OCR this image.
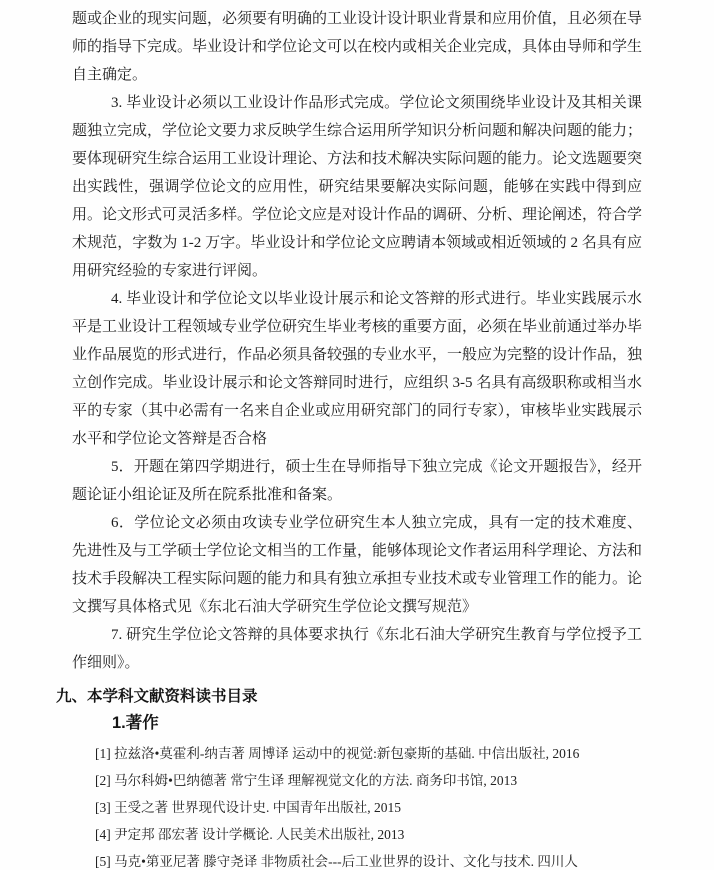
题或企业的现实问题，必须要有明确的工业设计设计职业背景和应用价值，且必须在导师的指导下完成。毕业设计和学位论文可以在校内或相关企业完成，具体由导师和学生自主确定。

3. 毕业设计必须以工业设计作品形式完成。学位论文须围绕毕业设计及其相关课题独立完成，学位论文要力求反映学生综合运用所学知识分析问题和解决问题的能力；要体现研究生综合运用工业设计理论、方法和技术解决实际问题的能力。论文选题要突出实践性，强调学位论文的应用性，研究结果要解决实际问题，能够在实践中得到应用。论文形式可灵活多样。学位论文应是对设计作品的调研、分析、理论阐述，符合学术规范，字数为 1-2 万字。毕业设计和学位论文应聘请本领域或相近领域的 2 名具有应用研究经验的专家进行评阅。

4. 毕业设计和学位论文以毕业设计展示和论文答辩的形式进行。毕业实践展示水平是工业设计工程领域专业学位研究生毕业考核的重要方面，必须在毕业前通过举办毕业作品展览的形式进行，作品必须具备较强的专业水平，一般应为完整的设计作品，独立创作完成。毕业设计展示和论文答辩同时进行，应组织 3-5 名具有高级职称或相当水平的专家（其中必需有一名来自企业或应用研究部门的同行专家），审核毕业实践展示水平和学位论文答辩是否合格

5．开题在第四学期进行，硕士生在导师指导下独立完成《论文开题报告》，经开题论证小组论证及所在院系批准和备案。

6．学位论文必须由攻读专业学位研究生本人独立完成，具有一定的技术难度、先进性及与工学硕士学位论文相当的工作量，能够体现论文作者运用科学理论、方法和技术手段解决工程实际问题的能力和具有独立承担专业技术或专业管理工作的能力。论文撰写具体格式见《东北石油大学研究生学位论文撰写规范》

7. 研究生学位论文答辩的具体要求执行《东北石油大学研究生教育与学位授予工作细则》。

九、本学科文献资料读书目录
1.著作
[1] 拉兹洛•莫霍利-纳吉著 周博译 运动中的视觉:新包豪斯的基础. 中信出版社, 2016
[2] 马尔科姆•巴纳德著 常宁生译 理解视觉文化的方法. 商务印书馆, 2013
[3] 王受之著 世界现代设计史. 中国青年出版社, 2015
[4] 尹定邦 邵宏著 设计学概论. 人民美术出版社, 2013
[5] 马克•第亚尼著 滕守尧译 非物质社会---后工业世界的设计、文化与技术. 四川人
